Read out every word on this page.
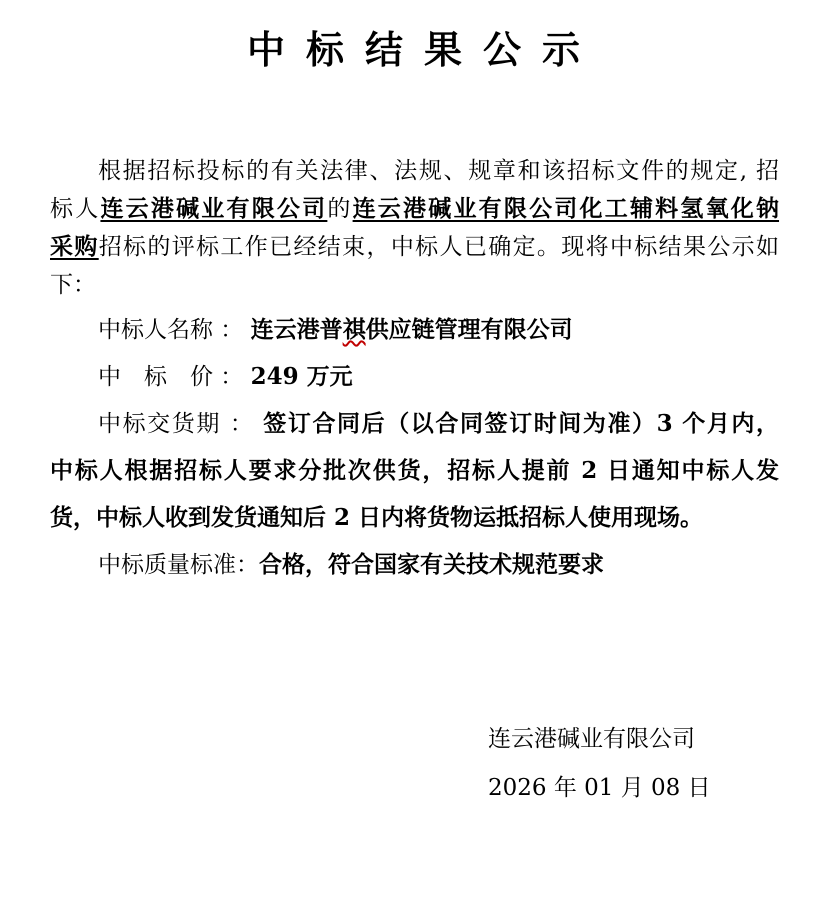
中标结果公示
根据招标投标的有关法律、法规、规章和该招标文件的规定, 招
标人连云港碱业有限公司的连云港碱业有限公司化工辅料氢氧化钠
采购招标的评标工作已经结束，中标人已确定。现将中标结果公示如
下：
中标人名称 ： 连云港普祺供应链管理有限公司
中　标　价 ： 249 万元
中标交货期 ： 签订合同后（以合同签订时间为准）3 个月内，
中标人根据招标人要求分批次供货，招标人提前 2 日通知中标人发
货，中标人收到发货通知后 2 日内将货物运抵招标人使用现场。
中标质量标准：合格，符合国家有关技术规范要求
连云港碱业有限公司
2026 年 01 月 08 日
